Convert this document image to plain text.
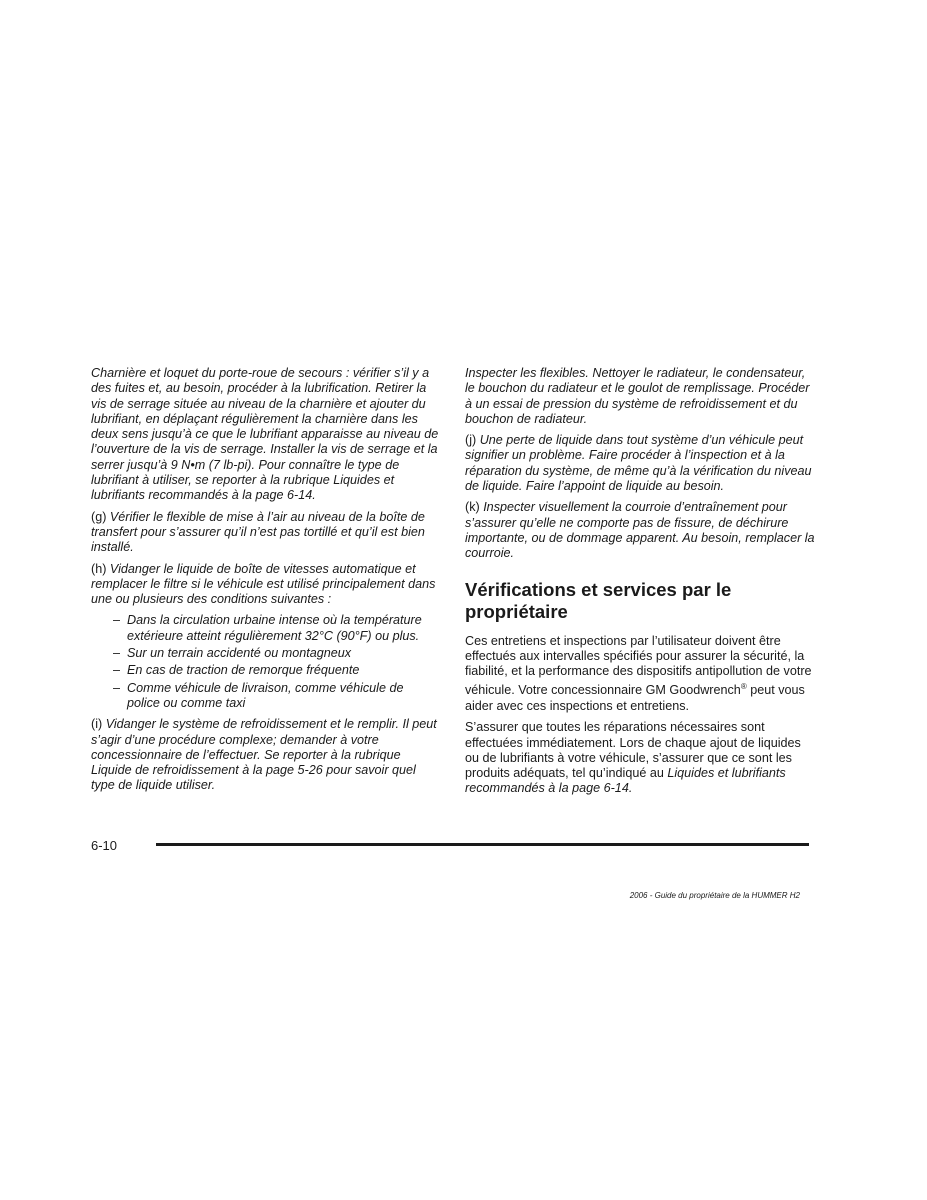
Charnière et loquet du porte-roue de secours : vérifier s’il y a des fuites et, au besoin, procéder à la lubrification. Retirer la vis de serrage située au niveau de la charnière et ajouter du lubrifiant, en déplaçant régulièrement la charnière dans les deux sens jusqu’à ce que le lubrifiant apparaisse au niveau de l’ouverture de la vis de serrage. Installer la vis de serrage et la serrer jusqu’à 9 N•m (7 lb-pi). Pour connaître le type de lubrifiant à utiliser, se reporter à la rubrique Liquides et lubrifiants recommandés à la page 6-14.

(g) Vérifier le flexible de mise à l’air au niveau de la boîte de transfert pour s’assurer qu’il n’est pas tortillé et qu’il est bien installé.

(h) Vidanger le liquide de boîte de vitesses automatique et remplacer le filtre si le véhicule est utilisé principalement dans une ou plusieurs des conditions suivantes :

– Dans la circulation urbaine intense où la température extérieure atteint régulièrement 32°C (90°F) ou plus.
– Sur un terrain accidenté ou montagneux
– En cas de traction de remorque fréquente
– Comme véhicule de livraison, comme véhicule de police ou comme taxi

(i) Vidanger le système de refroidissement et le remplir. Il peut s’agir d’une procédure complexe; demander à votre concessionnaire de l’effectuer. Se reporter à la rubrique Liquide de refroidissement à la page 5-26 pour savoir quel type de liquide utiliser.

Inspecter les flexibles. Nettoyer le radiateur, le condensateur, le bouchon du radiateur et le goulot de remplissage. Procéder à un essai de pression du système de refroidissement et du bouchon de radiateur.

(j) Une perte de liquide dans tout système d’un véhicule peut signifier un problème. Faire procéder à l’inspection et à la réparation du système, de même qu’à la vérification du niveau de liquide. Faire l’appoint de liquide au besoin.

(k) Inspecter visuellement la courroie d’entraînement pour s’assurer qu’elle ne comporte pas de fissure, de déchirure importante, ou de dommage apparent. Au besoin, remplacer la courroie.

Vérifications et services par le propriétaire

Ces entretiens et inspections par l’utilisateur doivent être effectués aux intervalles spécifiés pour assurer la sécurité, la fiabilité, et la performance des dispositifs antipollution de votre véhicule. Votre concessionnaire GM Goodwrench® peut vous aider avec ces inspections et entretiens.

S’assurer que toutes les réparations nécessaires sont effectuées immédiatement. Lors de chaque ajout de liquides ou de lubrifiants à votre véhicule, s’assurer que ce sont les produits adéquats, tel qu’indiqué au Liquides et lubrifiants recommandés à la page 6-14.

6-10
2006 - Guide du propriétaire de la HUMMER H2
